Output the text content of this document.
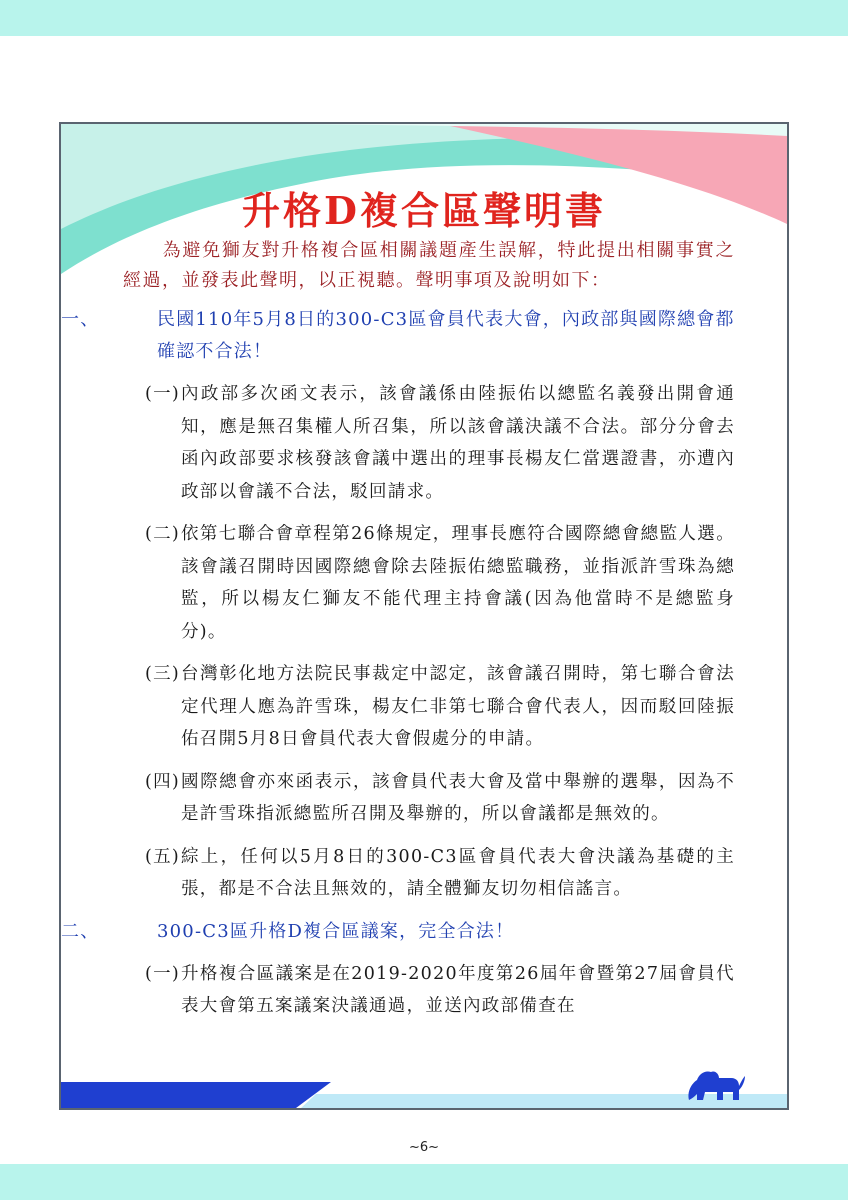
升格D複合區聲明書

為避免獅友對升格複合區相關議題產生誤解，特此提出相關事實之經過，並發表此聲明，以正視聽。聲明事項及說明如下：

一、	民國110年5月8日的300-C3區會員代表大會，內政部與國際總會都確認不合法！

(一) 內政部多次函文表示，該會議係由陸振佑以總監名義發出開會通知，應是無召集權人所召集，所以該會議決議不合法。部分分會去函內政部要求核發該會議中選出的理事長楊友仁當選證書，亦遭內政部以會議不合法，駁回請求。

(二) 依第七聯合會章程第26條規定，理事長應符合國際總會總監人選。該會議召開時因國際總會除去陸振佑總監職務，並指派許雪珠為總監，所以楊友仁獅友不能代理主持會議(因為他當時不是總監身分)。

(三) 台灣彰化地方法院民事裁定中認定，該會議召開時，第七聯合會法定代理人應為許雪珠，楊友仁非第七聯合會代表人，因而駁回陸振佑召開5月8日會員代表大會假處分的申請。

(四) 國際總會亦來函表示，該會員代表大會及當中舉辦的選舉，因為不是許雪珠指派總監所召開及舉辦的，所以會議都是無效的。

(五) 綜上，任何以5月8日的300-C3區會員代表大會決議為基礎的主張，都是不合法且無效的，請全體獅友切勿相信謠言。

二、	300-C3區升格D複合區議案，完全合法！

(一) 升格複合區議案是在2019-2020年度第26屆年會暨第27屆會員代表大會第五案議案決議通過，並送內政部備查在

~6~
